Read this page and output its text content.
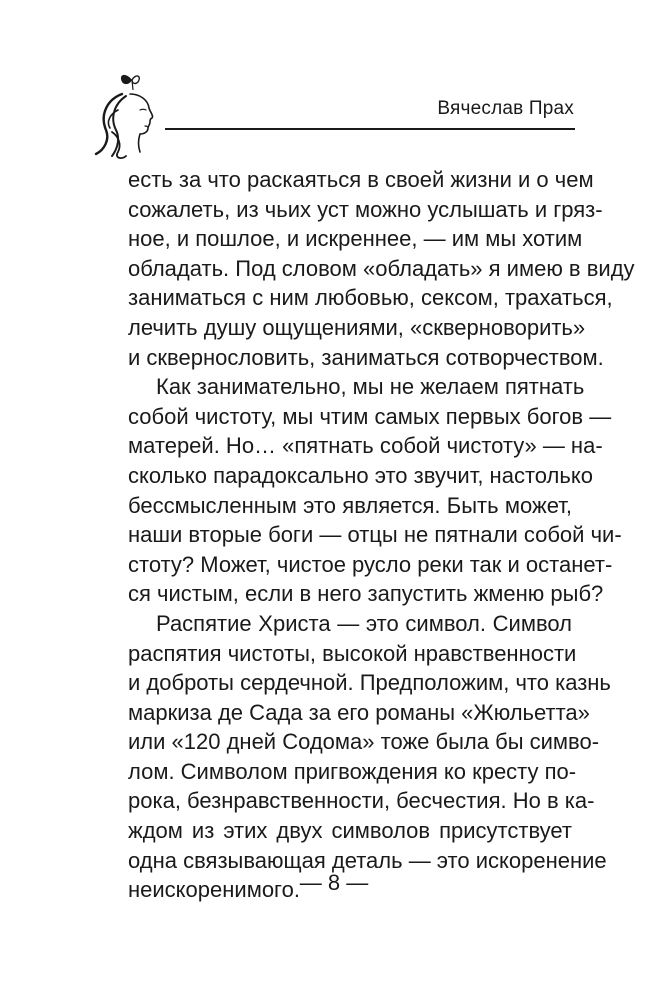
Вячеслав Прах
есть за что раскаяться в своей жизни и о чем
сожалеть, из чьих уст можно услышать и гряз-
ное, и пошлое, и искреннее, — им мы хотим
обладать. Под словом «обладать» я имею в виду
заниматься с ним любовью, сексом, трахаться,
лечить душу ощущениями, «скверноворить»
и сквернословить, заниматься сотворчеством.
Как занимательно, мы не желаем пятнать
собой чистоту, мы чтим самых первых богов —
матерей. Но… «пятнать собой чистоту» — на-
сколько парадоксально это звучит, настолько
бессмысленным это является. Быть может,
наши вторые боги — отцы не пятнали собой чи-
стоту? Может, чистое русло реки так и останет-
ся чистым, если в него запустить жменю рыб?
Распятие Христа — это символ. Символ
распятия чистоты, высокой нравственности
и доброты сердечной. Предположим, что казнь
маркиза де Сада за его романы «Жюльетта»
или «120 дней Содома» тоже была бы симво-
лом. Символом пригвождения ко кресту по-
рока, безнравственности, бесчестия. Но в ка-
ждом из этих двух символов присутствует
одна связывающая деталь — это искоренение
неискоренимого. — 8 —
